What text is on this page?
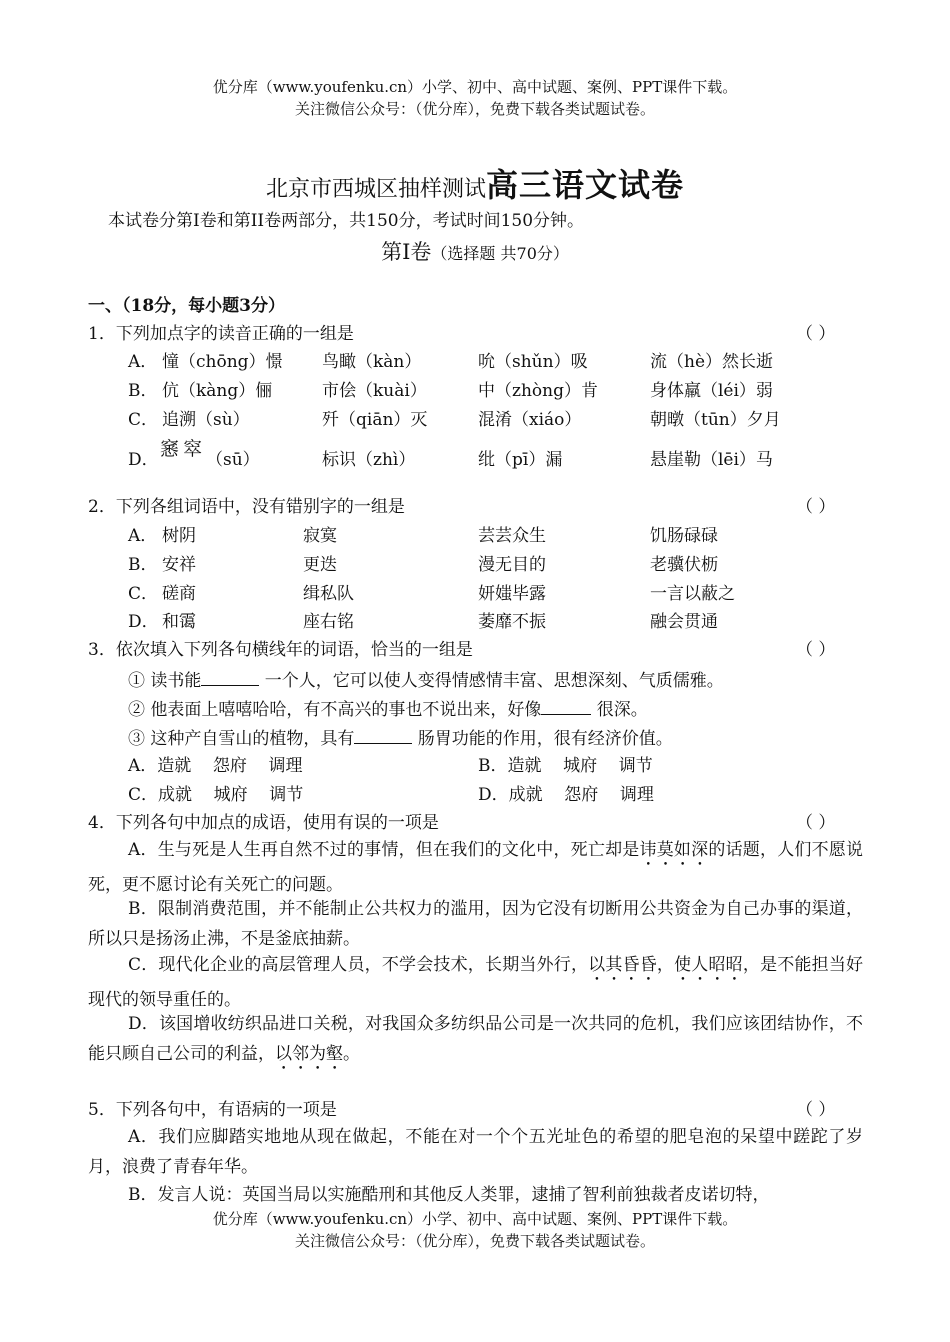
优分库（www.youfenku.cn）小学、初中、高中试题、案例、PPT课件下载。
关注微信公众号：（优分库），免费下载各类试题试卷。
北京市西城区抽样测试高三语文试卷
本试卷分第I卷和第II卷两部分，共150分，考试时间150分钟。
第Ⅰ卷（选择题 共70分）
一、（18分，每小题3分）
1．下列加点字的读音正确的一组是	（ ）
A． 憧（chōng）憬 鸟瞰（kàn）	吮（shǔn）吸	流（hè）然长逝
B． 伉（kàng）俪	市侩（kuài）	中（zhòng）肯	身体羸（léi）弱
C． 追溯（sù）	歼（qiān）灭	混淆（xiáo）	朝暾（tūn）夕月
D． 窸窣 （sū）	标识（zhì）	纰（pī）漏	悬崖勒（lēi）马
2．下列各组词语中，没有错别字的一组是	（ ）
A． 树阴	寂寞	芸芸众生	饥肠碌碌
B． 安祥	更迭	漫无目的	老骥伏枥
C． 磋商	缉私队	妍媸毕露	一言以蔽之
D． 和霭	座右铭	萎靡不振	融会贯通
3．依次填入下列各句横线年的词语，恰当的一组是	（ ）
① 读书能	一个人，它可以使人变得情感情丰富、思想深刻、气质儒雅。
② 他表面上嘻嘻哈哈，有不高兴的事也不说出来，好像	很深。
③ 这种产自雪山的植物，具有	肠胃功能的作用，很有经济价值。
A．造就    怨府    调理	B．造就    城府    调节
C．成就    城府    调节	D．成就    怨府    调理
4．下列各句中加点的成语，使用有误的一项是	（ ）
A．生与死是人生再自然不过的事情，但在我们的文化中，死亡却是讳莫如深的话题，人们不愿说死，更不愿讨论有关死亡的问题。
B．限制消费范围，并不能制止公共权力的滥用，因为它没有切断用公共资金为自己办事的渠道，所以只是扬汤止沸，不是釜底抽薪。
C．现代化企业的高层管理人员，不学会技术，长期当外行，以其昏昏，使人昭昭，是不能担当好现代的领导重任的。
D．该国增收纺织品进口关税，对我国众多纺织品公司是一次共同的危机，我们应该团结协作，不能只顾自己公司的利益，以邻为壑。
5．下列各句中，有语病的一项是	（ ）
A．我们应脚踏实地地从现在做起，不能在对一个个五光址色的希望的肥皂泡的呆望中蹉跎了岁月，浪费了青春年华。
B．发言人说：英国当局以实施酷刑和其他反人类罪，逮捕了智利前独裁者皮诺切特，
优分库（www.youfenku.cn）小学、初中、高中试题、案例、PPT课件下载。
关注微信公众号：（优分库），免费下载各类试题试卷。
